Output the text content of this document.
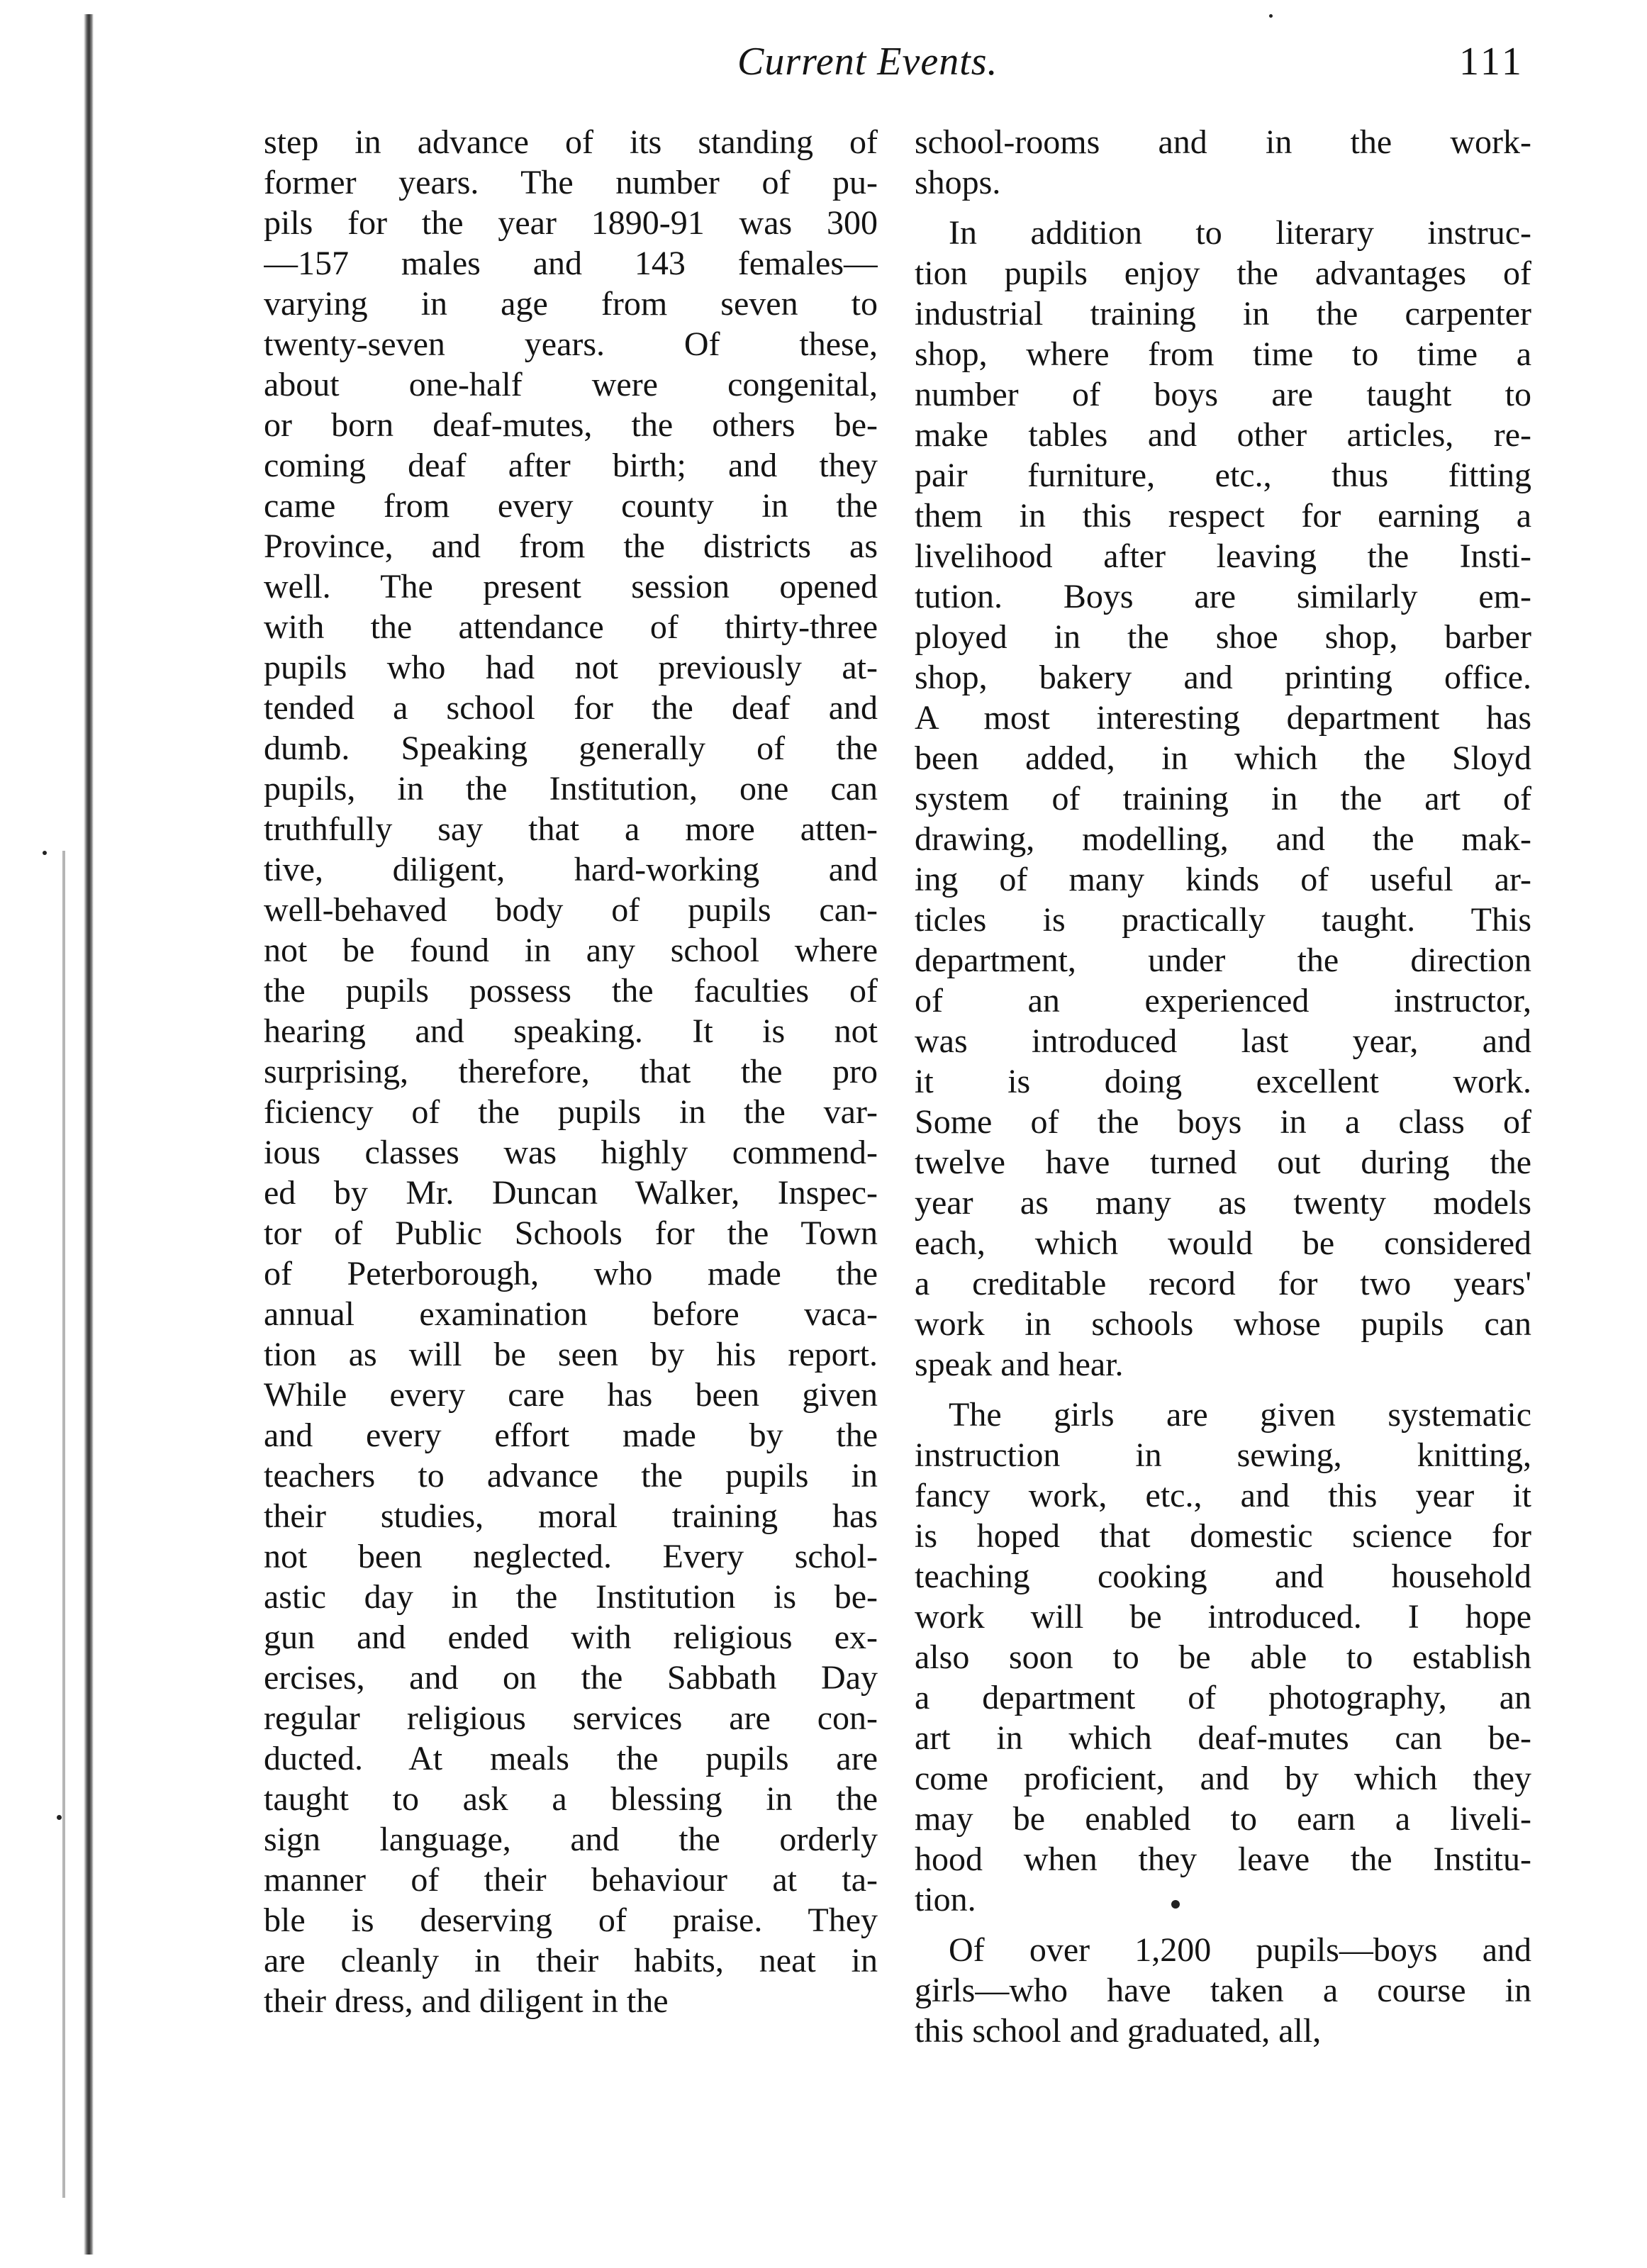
Current Events.	111
step in advance of its standing of
former years. The number of pu-
pils for the year 1890-91 was 300
—157 males and 143 females—
varying in age from seven to
twenty-seven years. Of these,
about one-half were congenital,
or born deaf-mutes, the others be-
coming deaf after birth; and they
came from every county in the
Province, and from the districts as
well. The present session opened
with the attendance of thirty-three
pupils who had not previously at-
tended a school for the deaf and
dumb. Speaking generally of the
pupils, in the Institution, one can
truthfully say that a more atten-
tive, diligent, hard-working and
well-behaved body of pupils can-
not be found in any school where
the pupils possess the faculties of
hearing and speaking. It is not
surprising, therefore, that the pro
ficiency of the pupils in the var-
ious classes was highly commend-
ed by Mr. Duncan Walker, Inspec-
tor of Public Schools for the Town
of Peterborough, who made the
annual examination before vaca-
tion as will be seen by his report.
While every care has been given
and every effort made by the
teachers to advance the pupils in
their studies, moral training has
not been neglected. Every schol-
astic day in the Institution is be-
gun and ended with religious ex-
ercises, and on the Sabbath Day
regular religious services are con-
ducted. At meals the pupils are
taught to ask a blessing in the
sign language, and the orderly
manner of their behaviour at ta-
ble is deserving of praise. They
are cleanly in their habits, neat in
their dress, and diligent in the
school-rooms and in the work-
shops.
In addition to literary instruc-
tion pupils enjoy the advantages of
industrial training in the carpenter
shop, where from time to time a
number of boys are taught to
make tables and other articles, re-
pair furniture, etc., thus fitting
them in this respect for earning a
livelihood after leaving the Insti-
tution. Boys are similarly em-
ployed in the shoe shop, barber
shop, bakery and printing office.
A most interesting department has
been added, in which the Sloyd
system of training in the art of
drawing, modelling, and the mak-
ing of many kinds of useful ar-
ticles is practically taught. This
department, under the direction
of an experienced instructor,
was introduced last year, and
it is doing excellent work.
Some of the boys in a class of
twelve have turned out during the
year as many as twenty models
each, which would be considered
a creditable record for two years'
work in schools whose pupils can
speak and hear.
The girls are given systematic
instruction in sewing, knitting,
fancy work, etc., and this year it
is hoped that domestic science for
teaching cooking and household
work will be introduced. I hope
also soon to be able to establish
a department of photography, an
art in which deaf-mutes can be-
come proficient, and by which they
may be enabled to earn a liveli-
hood when they leave the Institu-
tion.
Of over 1,200 pupils—boys and
girls—who have taken a course in
this school and graduated, all,
